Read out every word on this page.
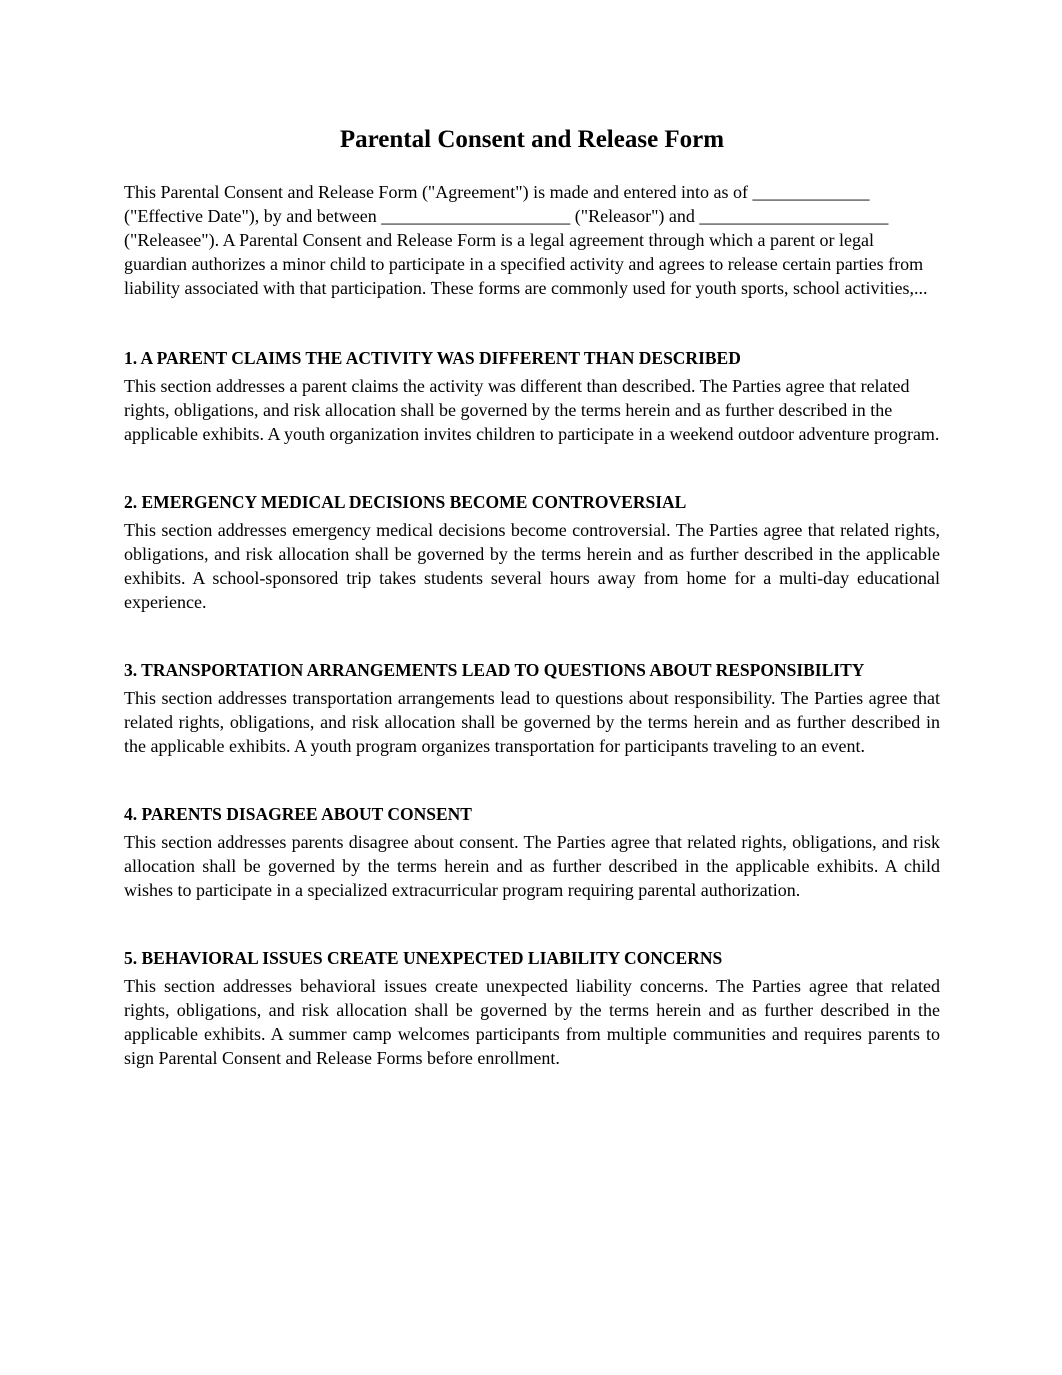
Parental Consent and Release Form

This Parental Consent and Release Form ("Agreement") is made and entered into as of _____________ ("Effective Date"), by and between _____________________ ("Releasor") and _____________________ ("Releasee"). A Parental Consent and Release Form is a legal agreement through which a parent or legal guardian authorizes a minor child to participate in a specified activity and agrees to release certain parties from liability associated with that participation. These forms are commonly used for youth sports, school activities,...

1. A PARENT CLAIMS THE ACTIVITY WAS DIFFERENT THAN DESCRIBED

This section addresses a parent claims the activity was different than described. The Parties agree that related rights, obligations, and risk allocation shall be governed by the terms herein and as further described in the applicable exhibits. A youth organization invites children to participate in a weekend outdoor adventure program.

2. EMERGENCY MEDICAL DECISIONS BECOME CONTROVERSIAL

This section addresses emergency medical decisions become controversial. The Parties agree that related rights, obligations, and risk allocation shall be governed by the terms herein and as further described in the applicable exhibits. A school-sponsored trip takes students several hours away from home for a multi-day educational experience.

3. TRANSPORTATION ARRANGEMENTS LEAD TO QUESTIONS ABOUT RESPONSIBILITY

This section addresses transportation arrangements lead to questions about responsibility. The Parties agree that related rights, obligations, and risk allocation shall be governed by the terms herein and as further described in the applicable exhibits. A youth program organizes transportation for participants traveling to an event.

4. PARENTS DISAGREE ABOUT CONSENT

This section addresses parents disagree about consent. The Parties agree that related rights, obligations, and risk allocation shall be governed by the terms herein and as further described in the applicable exhibits. A child wishes to participate in a specialized extracurricular program requiring parental authorization.

5. BEHAVIORAL ISSUES CREATE UNEXPECTED LIABILITY CONCERNS

This section addresses behavioral issues create unexpected liability concerns. The Parties agree that related rights, obligations, and risk allocation shall be governed by the terms herein and as further described in the applicable exhibits. A summer camp welcomes participants from multiple communities and requires parents to sign Parental Consent and Release Forms before enrollment.
